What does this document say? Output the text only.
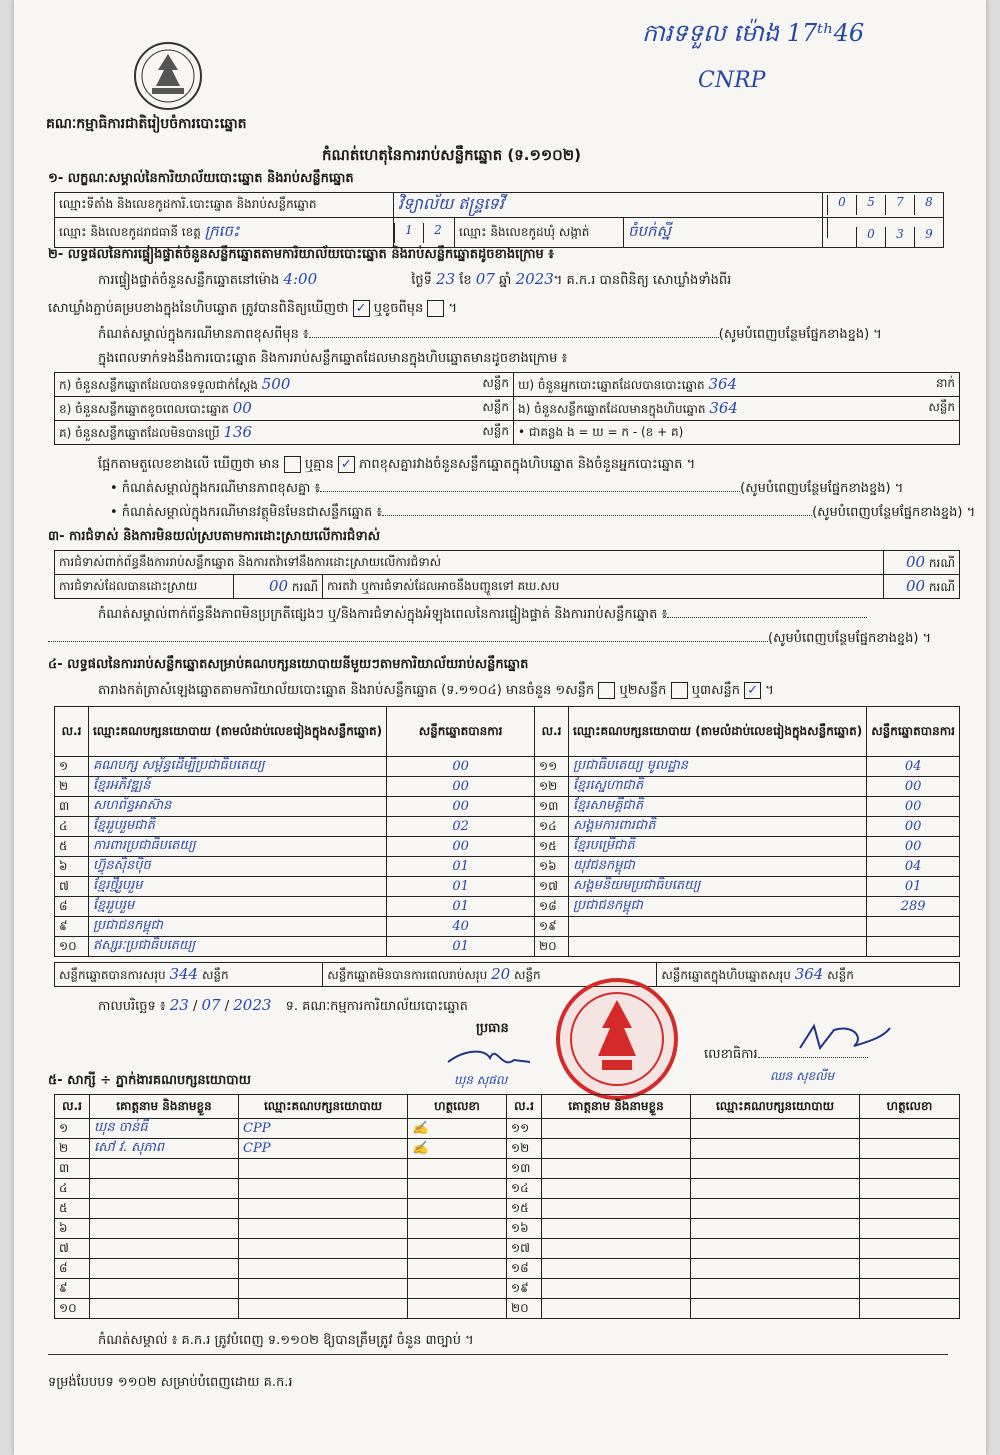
ការទទួល ម៉ោង 17ᵗʰ46
CNRP
គណៈកម្មាធិការជាតិរៀបចំការបោះឆ្នោត
កំណត់ហេតុនៃការរាប់សន្លឹកឆ្នោត (ទ.១១០២)
១- លក្ខណៈសម្គាល់នៃការិយាល័យបោះឆ្នោត និងរាប់សន្លឹកឆ្នោត
ឈ្មោះទីតាំង និងលេខកូដការិ.បោះឆ្នោត និងរាប់សន្លឹកឆ្នោត	វិទ្យាល័យ ឥន្ទ្រទេវី			0 5 7 8
ឈ្មោះ និងលេខកូដរាជធានី ខេត្ត ក្រចេះ	1 2	ឈ្មោះ និងលេខកូដឃុំ សង្កាត់	ចំបក់ស្នី	0 3 9
២- លទ្ធផលនៃការផ្ទៀងផ្ទាត់ចំនួនសន្លឹកឆ្នោតតាមការិយាល័យបោះឆ្នោត និងរាប់សន្លឹកឆ្នោតដូចខាងក្រោម ៖
ការផ្ទៀងផ្ទាត់ចំនួនសន្លឹកឆ្នោតនៅម៉ោង 4:00	ថ្ងៃទី 23 ខែ 07 ឆ្នាំ 2023។ គ.ក.រ បានពិនិត្យ សោឃ្លាំងទាំងពីរ
សោឃ្លាំងភ្ជាប់គម្របខាងក្នុងនៃហិបឆ្នោត ត្រូវបានពិនិត្យឃើញថា ✓ ឬខូចពីមុន  ។
កំណត់សម្គាល់ក្នុងករណីមានភាពខុសពីមុន ៖	(សូមបំពេញបន្ថែមផ្នែកខាងខ្នង) ។
ក្នុងពេលទាក់ទងនឹងការបោះឆ្នោត និងការរាប់សន្លឹកឆ្នោតដែលមានក្នុងហិបឆ្នោតមានដូចខាងក្រោម ៖
ក) ចំនួនសន្លឹកឆ្នោតដែលបានទទួលជាក់ស្តែង 500 សន្លឹក	ឃ) ចំនួនអ្នកបោះឆ្នោតដែលបានបោះឆ្នោត 364 នាក់

ខ) ចំនួនសន្លឹកឆ្នោតខូចពេលបោះឆ្នោត 00 សន្លឹក	ង) ចំនួនសន្លឹកឆ្នោតដែលមានក្នុងហិបឆ្នោត 364 សន្លឹក

គ) ចំនួនសន្លឹកឆ្នោតដែលមិនបានប្រើ 136 សន្លឹក	• ជាគន្លង ង = ឃ = ក - (ខ + គ)
ផ្អែកតាមតួលេខខាងលើ ឃើញថា មាន ឬគ្មាន ✓ ភាពខុសគ្នារវាងចំនួនសន្លឹកឆ្នោតក្នុងហិបឆ្នោត និងចំនួនអ្នកបោះឆ្នោត ។
• កំណត់សម្គាល់ក្នុងករណីមានភាពខុសគ្នា ៖	(សូមបំពេញបន្ថែមផ្នែកខាងខ្នង) ។
• កំណត់សម្គាល់ក្នុងករណីមានវត្ថុមិនមែនជាសន្លឹកឆ្នោត ៖	(សូមបំពេញបន្ថែមផ្នែកខាងខ្នង) ។
៣- ការជំទាស់ និងការមិនយល់ស្របតាមការដោះស្រាយលើការជំទាស់
ការជំទាស់ពាក់ព័ន្ធនឹងការរាប់សន្លឹកឆ្នោត និងការតវ៉ាទៅនឹងការដោះស្រាយលើការជំទាស់			00 ករណី
ការជំទាស់ដែលបានដោះស្រាយ	00 ករណី	ការតវ៉ា ឬការជំទាស់ដែលអាចនឹងបញ្ជូនទៅ គឃ.សប	00 ករណី
កំណត់សម្គាល់ពាក់ព័ន្ធនឹងភាពមិនប្រក្រតីផ្សេងៗ ឬ/និងការជំទាស់ក្នុងអំឡុងពេលនៃការផ្ទៀងផ្ទាត់ និងការរាប់សន្លឹកឆ្នោត ៖
(សូមបំពេញបន្ថែមផ្នែកខាងខ្នង) ។
៤- លទ្ធផលនៃការរាប់សន្លឹកឆ្នោតសម្រាប់គណបក្សនយោបាយនីមួយៗតាមការិយាល័យរាប់សន្លឹកឆ្នោត
តារាងកត់ត្រាសំឡេងឆ្នោតតាមការិយាល័យបោះឆ្នោត និងរាប់សន្លឹកឆ្នោត (ទ.១១០៤) មានចំនួន ១សន្លឹក ឬ២សន្លឹក ឬ៣សន្លឹក ✓ ។
ល.រ	ឈ្មោះគណបក្សនយោបាយ (តាមលំដាប់លេខរៀងក្នុងសន្លឹកឆ្នោត)	សន្លឹកឆ្នោតបានការ	ល.រ	ឈ្មោះគណបក្សនយោបាយ (តាមលំដាប់លេខរៀងក្នុងសន្លឹកឆ្នោត)	សន្លឹកឆ្នោតបានការ
១	គណបក្ស សម្ព័ន្ធដើម្បីប្រជាធិបតេយ្យ	00	១១	ប្រជាធិបតេយ្យ មូលដ្ឋាន	04
២	ខ្មែរអភិវឌ្ឍន៍	00	១២	ខ្មែរស្នេហាជាតិ	00
៣	សហព័ន្ធអាស៊ាន	00	១៣	ខ្មែរសាមគ្គីជាតិ	00
៤	ខ្មែររួបរួមជាតិ	02	១៤	សង្គមការពារជាតិ	00
៥	ការពារប្រជាធិបតេយ្យ	00	១៥	ខ្មែរបម្រើជាតិ	00
៦	ហ៊្វុនស៊ិនប៉ិច	01	១៦	យុវជនកម្ពុជា	04
៧	ខ្មែរថ្មីរួបរួម	01	១៧	សង្គមនិយមប្រជាធិបតេយ្យ	01
៨	ខ្មែររួបរួម	01	១៨	ប្រជាជនកម្ពុជា	289
៩	ប្រជាជនកម្ពុជា	40	១៩		
១០	ឥស្សរៈប្រជាធិបតេយ្យ	01	២០		
សន្លឹកឆ្នោតបានការសរុប 344 សន្លឹក	សន្លឹកឆ្នោតមិនបានការពេលរាប់សរុប 20 សន្លឹក	សន្លឹកឆ្នោតក្នុងហិបឆ្នោតសរុប 364 សន្លឹក
កាលបរិច្ឆេទ ៖ 23 / 07 / 2023 ទ. គណៈកម្មការការិយាល័យបោះឆ្នោត
ប្រធាន
លេខាធិការ
ឃុន សុផល	ឈន សុខលីម
៥- សាក្សី ÷ ភ្នាក់ងារគណបក្សនយោបាយ
ល.រ	គោត្តនាម និងនាមខ្លួន	ឈ្មោះគណបក្សនយោបាយ	ហត្ថលេខា	ល.រ	គោត្តនាម និងនាមខ្លួន	ឈ្មោះគណបក្សនយោបាយ	ហត្ថលេខា
១	ឃុន ចាន់ធី	CPP	✍	១១			
២	សៅ វ. សុភាព	CPP	✍	១២			
៣				១៣			
៤				១៤			
៥				១៥			
៦				១៦			
៧				១៧			
៨				១៨			
៩				១៩			
១០				២០			
កំណត់សម្គាល់ ៖ គ.ក.រ ត្រូវបំពេញ ទ.១១០២ ឱ្យបានត្រឹមត្រូវ ចំនួន ៣ច្បាប់ ។
ទម្រង់បែបបទ ១១០២ សម្រាប់បំពេញដោយ គ.ក.រ
